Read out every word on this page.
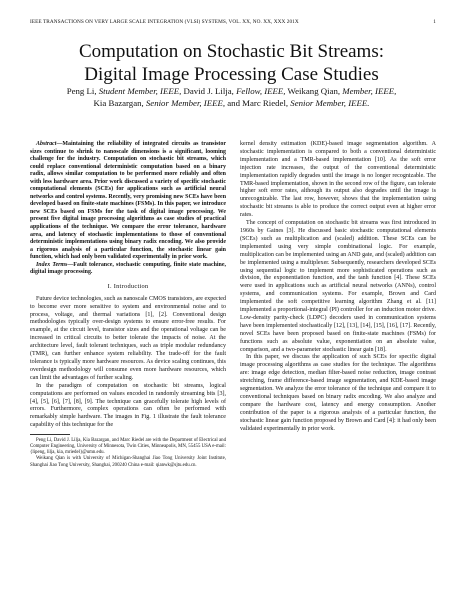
IEEE TRANSACTIONS ON VERY LARGE SCALE INTEGRATION (VLSI) SYSTEMS, VOL. XX, NO. XX, XXX 201X	1
Computation on Stochastic Bit Streams:
Digital Image Processing Case Studies
Peng Li, Student Member, IEEE, David J. Lilja, Fellow, IEEE, Weikang Qian, Member, IEEE,
Kia Bazargan, Senior Member, IEEE, and Marc Riedel, Senior Member, IEEE.

Abstract—Maintaining the reliability of integrated circuits as transistor sizes continue to shrink to nanoscale dimensions is a significant, looming challenge for the industry. Computation on stochastic bit streams, which could replace conventional deterministic computation based on a binary radix, allows similar computation to be performed more reliably and often with less hardware area. Prior work discussed a variety of specific stochastic computational elements (SCEs) for applications such as artificial neural networks and control systems. Recently, very promising new SCEs have been developed based on finite-state machines (FSMs). In this paper, we introduce new SCEs based on FSMs for the task of digital image processing. We present five digital image processing algorithms as case studies of practical applications of the technique. We compare the error tolerance, hardware area, and latency of stochastic implementations to those of conventional deterministic implementations using binary radix encoding. We also provide a rigorous analysis of a particular function, the stochastic linear gain function, which had only been validated experimentally in prior work.

Index Terms—Fault tolerance, stochastic computing, finite state machine, digital image processing.

I. Introduction

Future device technologies, such as nanoscale CMOS transistors, are expected to become ever more sensitive to system and environmental noise and to process, voltage, and thermal variations [1], [2]. Conventional design methodologies typically over-design systems to ensure error-free results. For example, at the circuit level, transistor sizes and the operational voltage can be increased in critical circuits to better tolerate the impacts of noise. At the architecture level, fault tolerant techniques, such as triple modular redundancy (TMR), can further enhance system reliability. The trade-off for the fault tolerance is typically more hardware resources. As device scaling continues, this overdesign methodology will consume even more hardware resources, which can limit the advantages of further scaling.

In the paradigm of computation on stochastic bit streams, logical computations are performed on values encoded in randomly streaming bits [3], [4], [5], [6], [7], [8], [9]. The technique can gracefully tolerate high levels of errors. Furthermore, complex operations can often be performed with remarkably simple hardware. The images in Fig. 1 illustrate the fault tolerance capability of this technique for the

Peng Li, David J. Lilja, Kia Bazargan, and Marc Riedel are with the Department of Electrical and Computer Engineering, University of Minnesota, Twin Cities, Minneapolis, MN, 55455 USA e-mail: {lipeng, lilja, kia, mriedel}@umn.edu.

Weikang Qian is with University of Michigan-Shanghai Jiao Tong University Joint Institute, Shanghai Jiao Tong University, Shanghai, 200240 China e-mail: qianwk@sjtu.edu.cn.

kernel density estimation (KDE)-based image segmentation algorithm. A stochastic implementation is compared to both a conventional deterministic implementation and a TMR-based implementation [10]. As the soft error injection rate increases, the output of the conventional deterministic implementation rapidly degrades until the image is no longer recognizable. The TMR-based implementation, shown in the second row of the figure, can tolerate higher soft error rates, although its output also degrades until the image is unrecognizable. The last row, however, shows that the implementation using stochastic bit streams is able to produce the correct output even at higher error rates.

The concept of computation on stochastic bit streams was first introduced in 1960s by Gaines [3]. He discussed basic stochastic computational elements (SCEs) such as multiplication and (scaled) addition. These SCEs can be implemented using very simple combinational logic. For example, multiplication can be implemented using an AND gate, and (scaled) addition can be implemented using a multiplexer. Subsequently, researchers developed SCEs using sequential logic to implement more sophisticated operations such as division, the exponentiation function, and the tanh function [4]. These SCEs were used in applications such as artificial neural networks (ANNs), control systems, and communication systems. For example, Brown and Card implemented the soft competitive learning algorithm Zhang et al. [11] implemented a proportional-integral (PI) controller for an induction motor drive. Low-density parity-check (LDPC) decoders used in communication systems have been implemented stochastically [12], [13], [14], [15], [16], [17]. Recently, novel SCEs have been proposed based on finite-state machines (FSMs) for functions such as absolute value, exponentiation on an absolute value, comparison, and a two-parameter stochastic linear gain [18].

In this paper, we discuss the application of such SCEs for specific digital image processing algorithms as case studies for the technique. The algorithms are: image edge detection, median filter-based noise reduction, image contrast stretching, frame difference-based image segmentation, and KDE-based image segmentation. We analyze the error tolerance of the technique and compare it to conventional techniques based on binary radix encoding. We also analyze and compare the hardware cost, latency and energy consumption. Another contribution of the paper is a rigorous analysis of a particular function, the stochastic linear gain function proposed by Brown and Card [4]: it had only been validated experimentally in prior work.
